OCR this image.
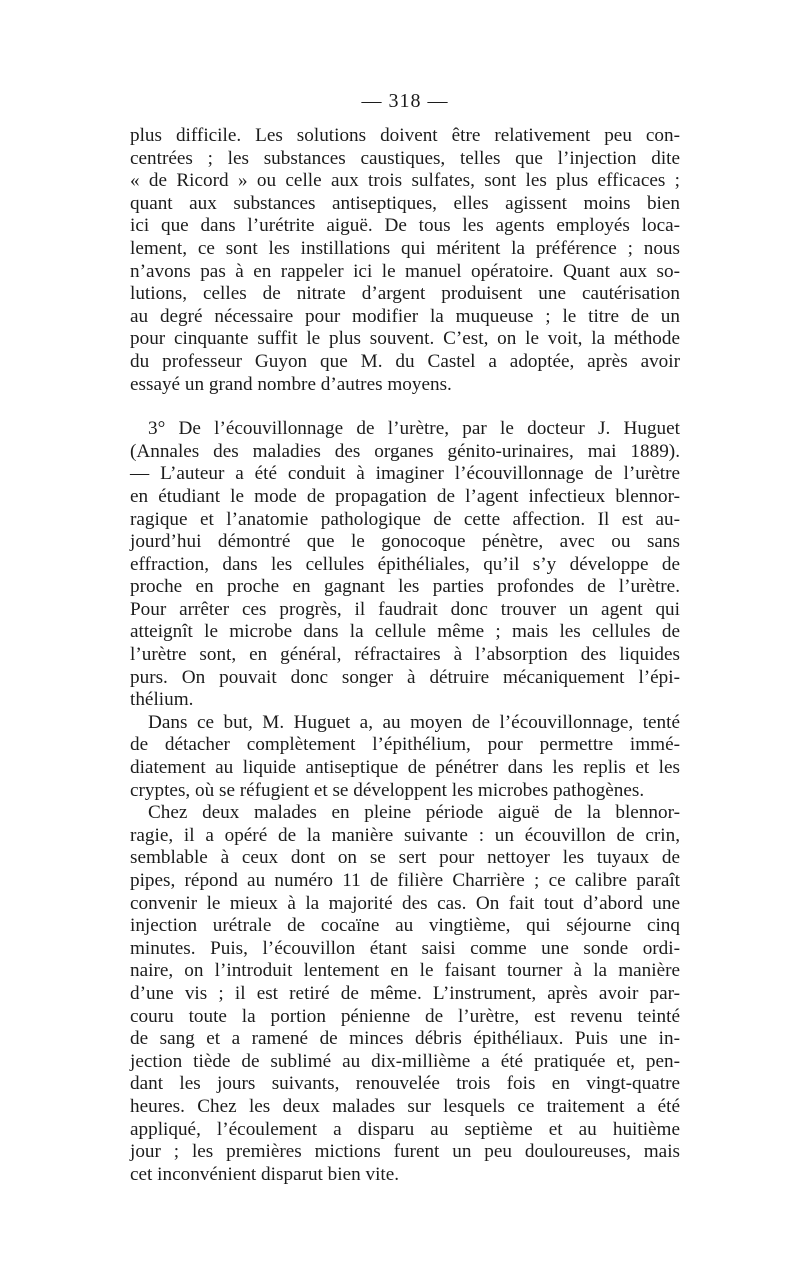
— 318 —
plus difficile. Les solutions doivent être relativement peu con-
centrées ; les substances caustiques, telles que l’injection dite
« de Ricord » ou celle aux trois sulfates, sont les plus efficaces ;
quant aux substances antiseptiques, elles agissent moins bien
ici que dans l’urétrite aiguë. De tous les agents employés loca-
lement, ce sont les instillations qui méritent la préférence ; nous
n’avons pas à en rappeler ici le manuel opératoire. Quant aux so-
lutions, celles de nitrate d’argent produisent une cautérisation
au degré nécessaire pour modifier la muqueuse ; le titre de un
pour cinquante suffit le plus souvent. C’est, on le voit, la méthode
du professeur Guyon que M. du Castel a adoptée, après avoir
essayé un grand nombre d’autres moyens.
3° De l’écouvillonnage de l’urètre, par le docteur J. Huguet
(Annales des maladies des organes génito-urinaires, mai 1889).
— L’auteur a été conduit à imaginer l’écouvillonnage de l’urètre
en étudiant le mode de propagation de l’agent infectieux blennor-
ragique et l’anatomie pathologique de cette affection. Il est au-
jourd’hui démontré que le gonocoque pénètre, avec ou sans
effraction, dans les cellules épithéliales, qu’il s’y développe de
proche en proche en gagnant les parties profondes de l’urètre.
Pour arrêter ces progrès, il faudrait donc trouver un agent qui
atteignît le microbe dans la cellule même ; mais les cellules de
l’urètre sont, en général, réfractaires à l’absorption des liquides
purs. On pouvait donc songer à détruire mécaniquement l’épi-
thélium.
Dans ce but, M. Huguet a, au moyen de l’écouvillonnage, tenté
de détacher complètement l’épithélium, pour permettre immé-
diatement au liquide antiseptique de pénétrer dans les replis et les
cryptes, où se réfugient et se développent les microbes pathogènes.
Chez deux malades en pleine période aiguë de la blennor-
ragie, il a opéré de la manière suivante : un écouvillon de crin,
semblable à ceux dont on se sert pour nettoyer les tuyaux de
pipes, répond au numéro 11 de filière Charrière ; ce calibre paraît
convenir le mieux à la majorité des cas. On fait tout d’abord une
injection urétrale de cocaïne au vingtième, qui séjourne cinq
minutes. Puis, l’écouvillon étant saisi comme une sonde ordi-
naire, on l’introduit lentement en le faisant tourner à la manière
d’une vis ; il est retiré de même. L’instrument, après avoir par-
couru toute la portion pénienne de l’urètre, est revenu teinté
de sang et a ramené de minces débris épithéliaux. Puis une in-
jection tiède de sublimé au dix-millième a été pratiquée et, pen-
dant les jours suivants, renouvelée trois fois en vingt-quatre
heures. Chez les deux malades sur lesquels ce traitement a été
appliqué, l’écoulement a disparu au septième et au huitième
jour ; les premières mictions furent un peu douloureuses, mais
cet inconvénient disparut bien vite.
